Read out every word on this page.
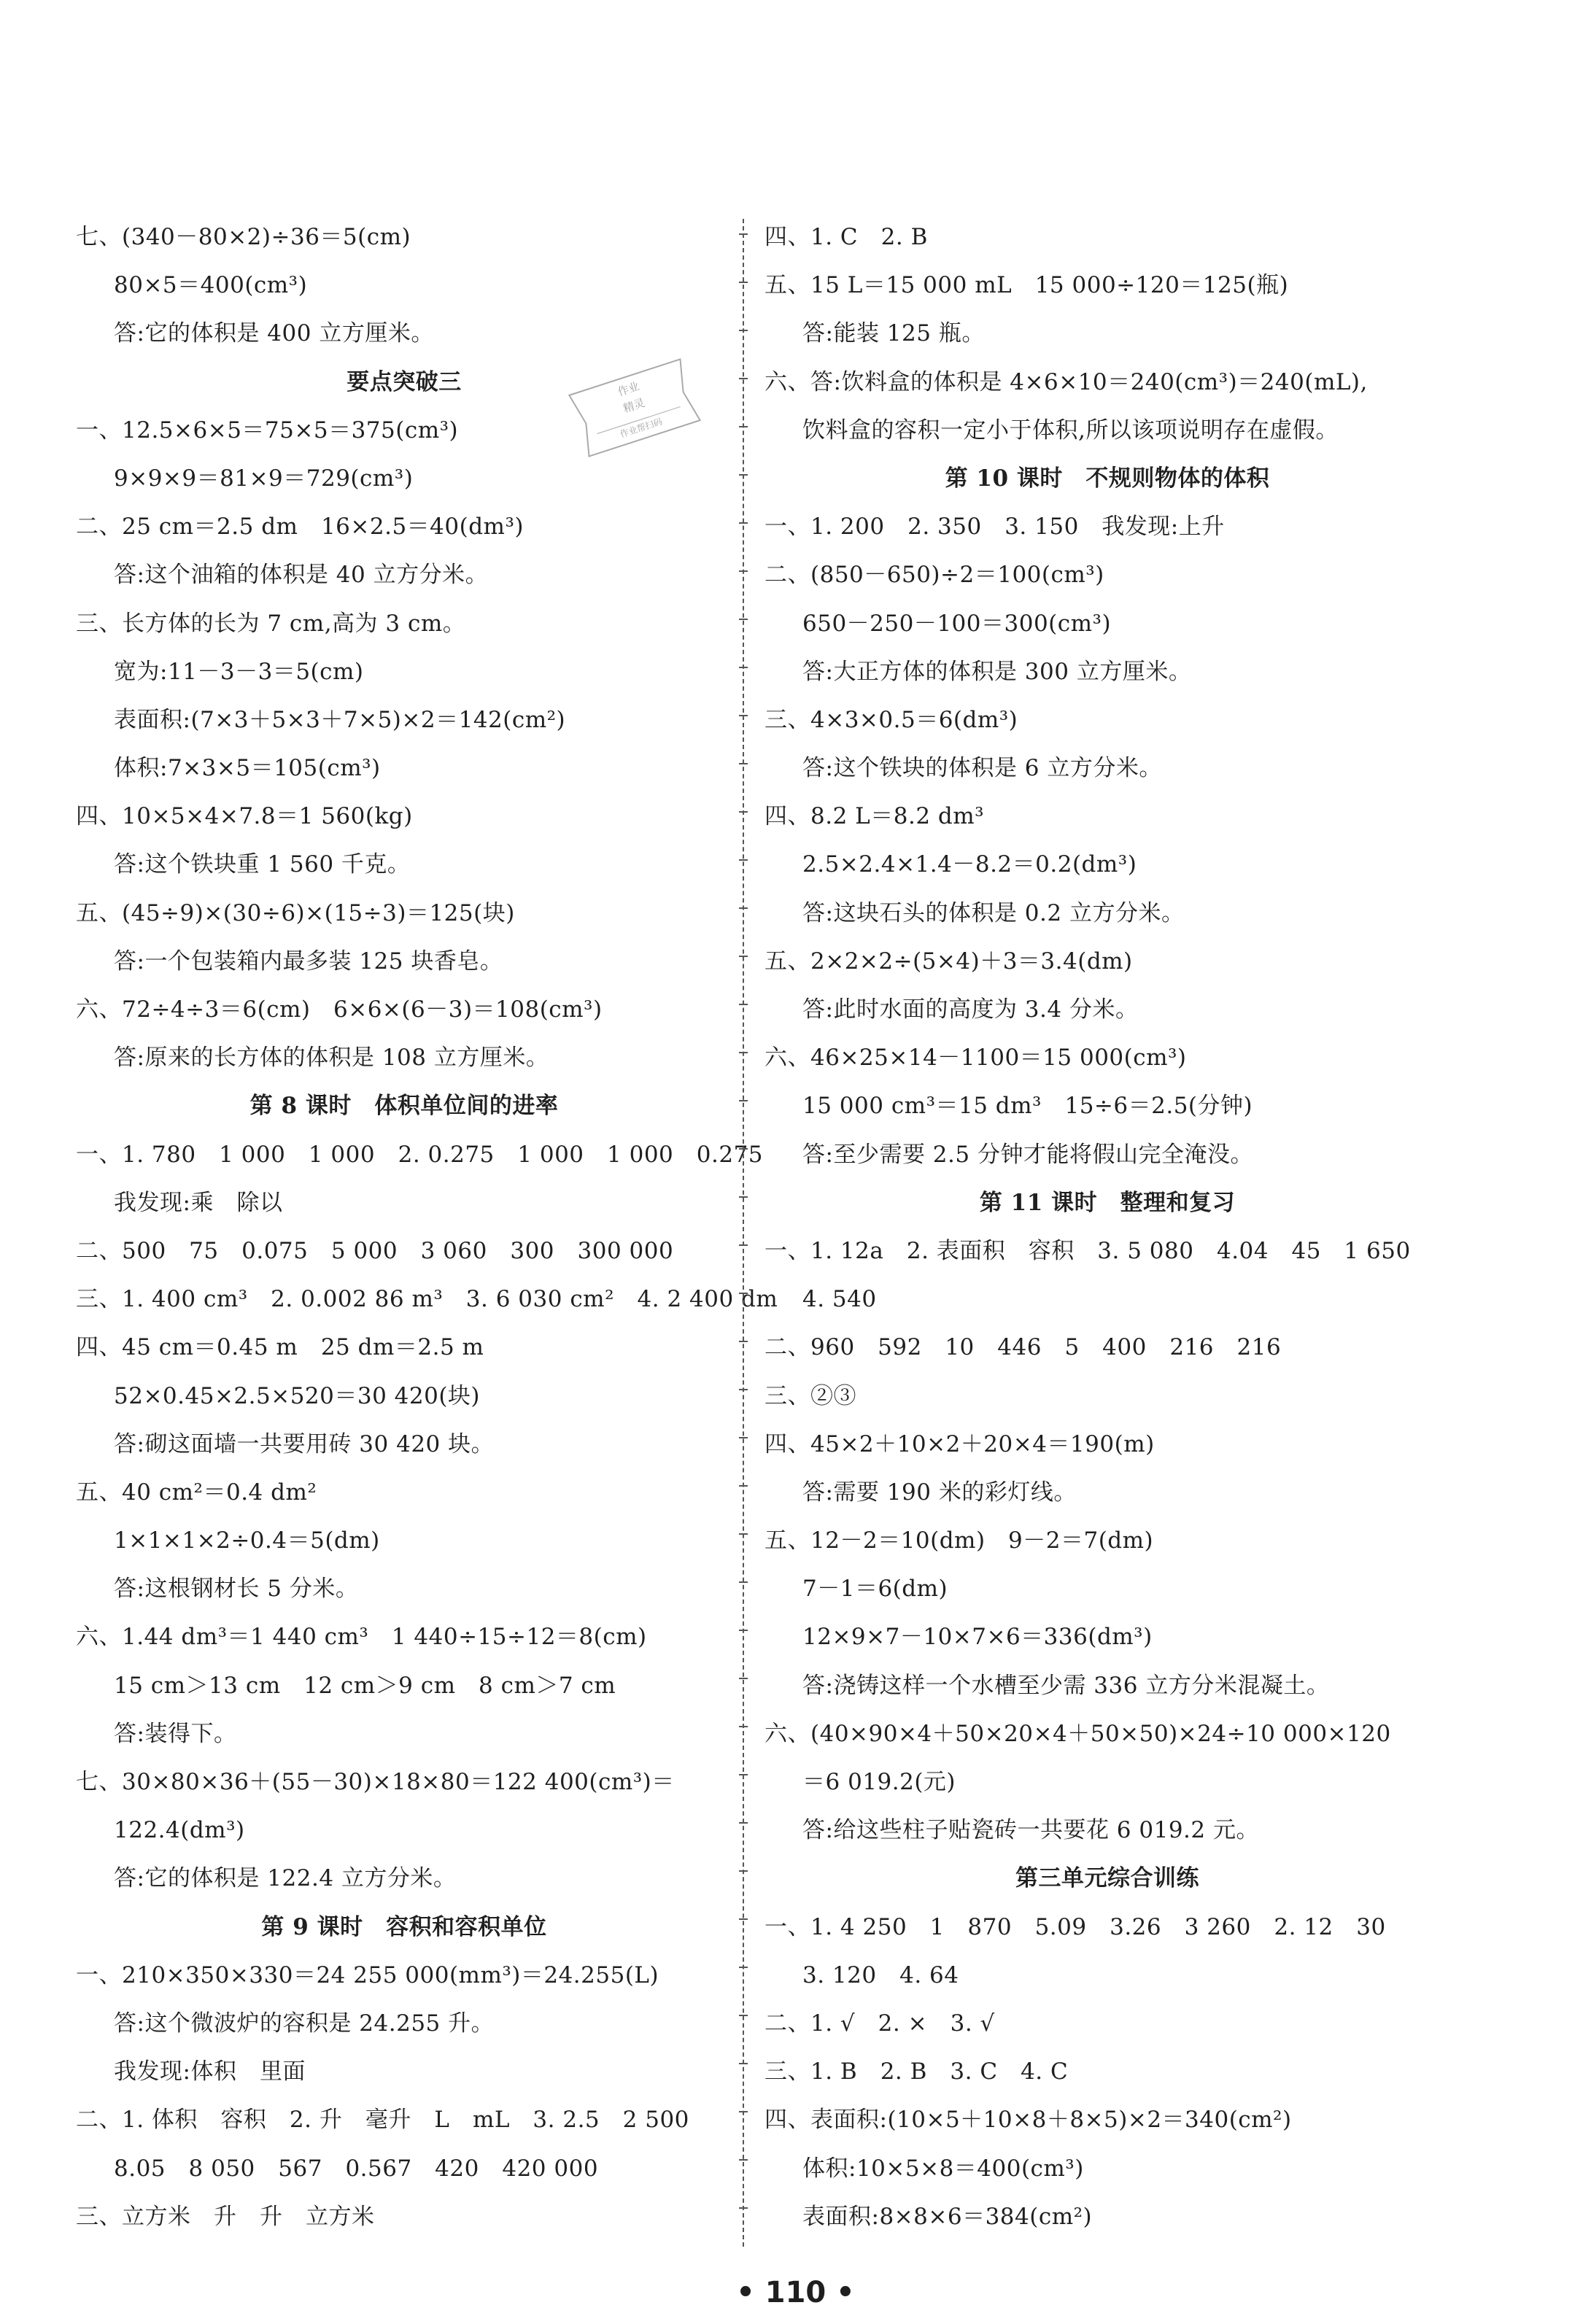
七、(340－80×2)÷36＝5(cm)
80×5＝400(cm³)
答:它的体积是 400 立方厘米。
要点突破三
一、12.5×6×5＝75×5＝375(cm³)
9×9×9＝81×9＝729(cm³)
二、25 cm＝2.5 dm　16×2.5＝40(dm³)
答:这个油箱的体积是 40 立方分米。
三、长方体的长为 7 cm,高为 3 cm。
宽为:11－3－3＝5(cm)
表面积:(7×3＋5×3＋7×5)×2＝142(cm²)
体积:7×3×5＝105(cm³)
四、10×5×4×7.8＝1 560(kg)
答:这个铁块重 1 560 千克。
五、(45÷9)×(30÷6)×(15÷3)＝125(块)
答:一个包装箱内最多装 125 块香皂。
六、72÷4÷3＝6(cm)　6×6×(6－3)＝108(cm³)
答:原来的长方体的体积是 108 立方厘米。
第 8 课时　体积单位间的进率
一、1. 780　1 000　1 000　2. 0.275　1 000　1 000　0.275
我发现:乘　除以
二、500　75　0.075　5 000　3 060　300　300 000
三、1. 400 cm³　2. 0.002 86 m³　3. 6 030 cm²　4. 2 400 dm
四、45 cm＝0.45 m　25 dm＝2.5 m
52×0.45×2.5×520＝30 420(块)
答:砌这面墙一共要用砖 30 420 块。
五、40 cm²＝0.4 dm²
1×1×1×2÷0.4＝5(dm)
答:这根钢材长 5 分米。
六、1.44 dm³＝1 440 cm³　1 440÷15÷12＝8(cm)
15 cm＞13 cm　12 cm＞9 cm　8 cm＞7 cm
答:装得下。
七、30×80×36＋(55－30)×18×80＝122 400(cm³)＝
122.4(dm³)
答:它的体积是 122.4 立方分米。
第 9 课时　容积和容积单位
一、210×350×330＝24 255 000(mm³)＝24.255(L)
答:这个微波炉的容积是 24.255 升。
我发现:体积　里面
二、1. 体积　容积　2. 升　毫升　L　mL　3. 2.5　2 500
8.05　8 050　567　0.567　420　420 000
三、立方米　升　升　立方米
四、1. C　2. B
五、15 L＝15 000 mL　15 000÷120＝125(瓶)
答:能装 125 瓶。
六、答:饮料盒的体积是 4×6×10＝240(cm³)＝240(mL),
饮料盒的容积一定小于体积,所以该项说明存在虚假。
第 10 课时　不规则物体的体积
一、1. 200　2. 350　3. 150　我发现:上升
二、(850－650)÷2＝100(cm³)
650－250－100＝300(cm³)
答:大正方体的体积是 300 立方厘米。
三、4×3×0.5＝6(dm³)
答:这个铁块的体积是 6 立方分米。
四、8.2 L＝8.2 dm³
2.5×2.4×1.4－8.2＝0.2(dm³)
答:这块石头的体积是 0.2 立方分米。
五、2×2×2÷(5×4)＋3＝3.4(dm)
答:此时水面的高度为 3.4 分米。
六、46×25×14－1100＝15 000(cm³)
15 000 cm³＝15 dm³　15÷6＝2.5(分钟)
答:至少需要 2.5 分钟才能将假山完全淹没。
第 11 课时　整理和复习
一、1. 12a　2. 表面积　容积　3. 5 080　4.04　45　1 650
4. 540
二、960　592　10　446　5　400　216　216
三、②③
四、45×2＋10×2＋20×4＝190(m)
答:需要 190 米的彩灯线。
五、12－2＝10(dm)　9－2＝7(dm)
7－1＝6(dm)
12×9×7－10×7×6＝336(dm³)
答:浇铸这样一个水槽至少需 336 立方分米混凝土。
六、(40×90×4＋50×20×4＋50×50)×24÷10 000×120
＝6 019.2(元)
答:给这些柱子贴瓷砖一共要花 6 019.2 元。
第三单元综合训练
一、1. 4 250　1　870　5.09　3.26　3 260　2. 12　30
3. 120　4. 64
二、1. √　2. ×　3. √
三、1. B　2. B　3. C　4. C
四、表面积:(10×5＋10×8＋8×5)×2＝340(cm²)
体积:10×5×8＝400(cm³)
表面积:8×8×6＝384(cm²)
作业
精灵
作业帮扫码
• 110 •
